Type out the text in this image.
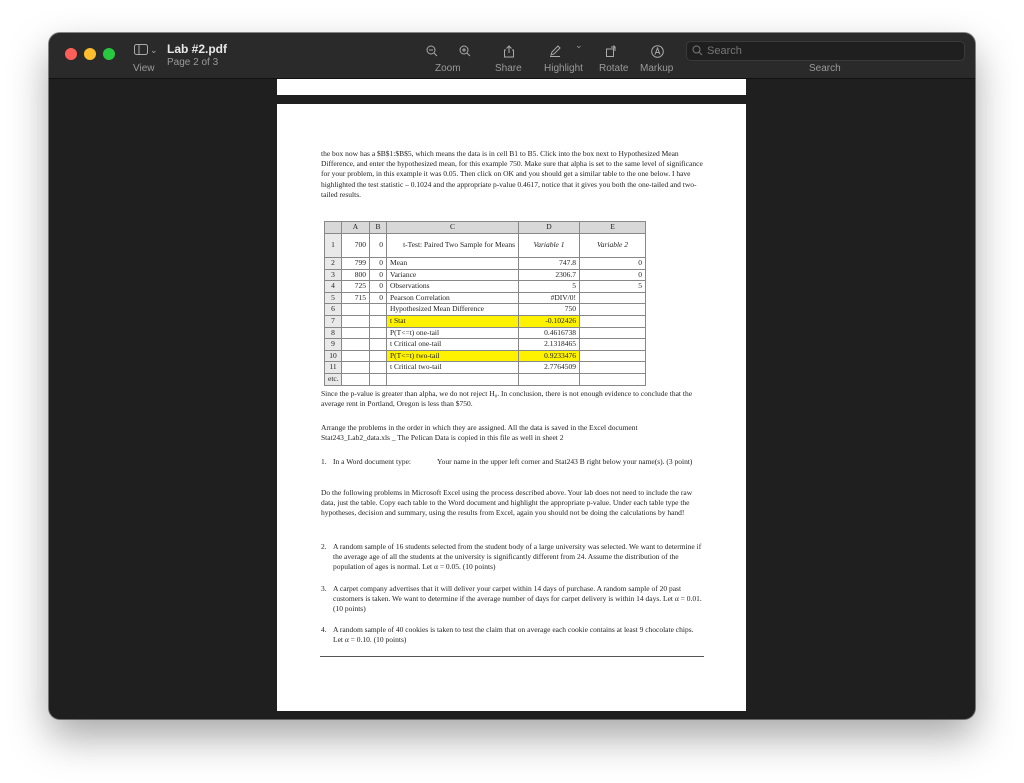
⌄
View
Lab #2.pdf
Page 2 of 3
Zoom	Share
⌄
Highlight Rotate Markup
Search	Search

the box now has a $B$1:$B$5, which means the data is in cell B1 to B5. Click into the box next to Hypothesized Mean Difference, and enter the hypothesized mean, for this example 750. Make sure that alpha is set to the same level of significance for your problem, in this example it was 0.05. Then click on OK and you should get a similar table to the one below. I have highlighted the test statistic – 0.1024 and the appropriate p-value 0.4617, notice that it gives you both the one-tailed and two-tailed results.

	A	B	C	D	E
1	700	0	t-Test: Paired Two Sample for Means	Variable 1	Variable 2
2	799	0	Mean	747.8	0
3	800	0	Variance	2306.7	0
4	725	0	Observations	5	5
5	715	0	Pearson Correlation	#DIV/0!	
6			Hypothesized Mean Difference	750	
7			t Stat	-0.102426	
8			P(T<=t) one-tail	0.4616738	
9			t Critical one-tail	2.1318465	
10			P(T<=t) two-tail	0.9233476	
11			t Critical two-tail	2.7764509	
etc.					

Since the p-value is greater than alpha, we do not reject H₀. In conclusion, there is not enough evidence to conclude that the average rent in Portland, Oregon is less than $750.

Arrange the problems in the order in which they are assigned. All the data is saved in the Excel document Stat243_Lab2_data.xls _ The Pelican Data is copied in this file as well in sheet 2

1. In a Word document type:	Your name in the upper left corner and Stat243 B right below your name(s). (3 point)

Do the following problems in Microsoft Excel using the process described above. Your lab does not need to include the raw data, just the table. Copy each table to the Word document and highlight the appropriate p-value. Under each table type the hypotheses, decision and summary, using the results from Excel, again you should not be doing the calculations by hand!

2. A random sample of 16 students selected from the student body of a large university was selected. We want to determine if the average age of all the students at the university is significantly different from 24. Assume the distribution of the population of ages is normal. Let α = 0.05. (10 points)
3. A carpet company advertises that it will deliver your carpet within 14 days of purchase. A random sample of 20 past customers is taken. We want to determine if the average number of days for carpet delivery is within 14 days. Let α = 0.01. (10 points)
4. A random sample of 40 cookies is taken to test the claim that on average each cookie contains at least 9 chocolate chips. Let α = 0.10. (10 points)
